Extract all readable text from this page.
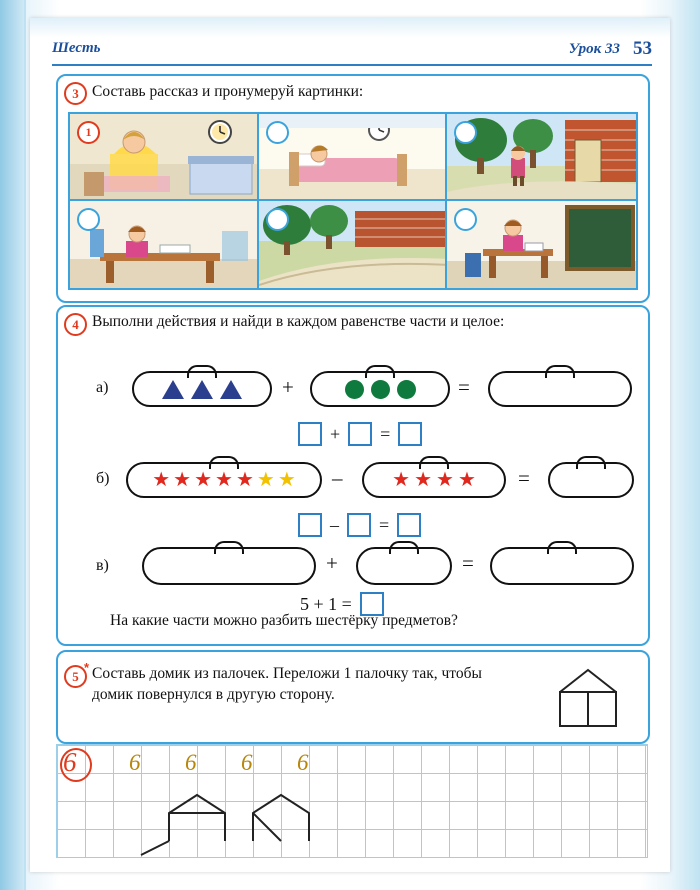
Шесть	Урок 33 53
3 Составь рассказ и пронумеруй картинки:
1
4 Выполни действия и найди в каждом равенстве части и целое:
а)	+	=
+ =
б) ★ ★ ★ ★ ★ ★ ★ – ★ ★ ★ ★ =
– =
в)	+	=
5 + 1 =
На какие части можно разбить шестёрку предметов?
5
* Составь домик из палочек. Переложи 1 палочку так, чтобы домик повернулся в другую сторону.
6 6 6 6 6
